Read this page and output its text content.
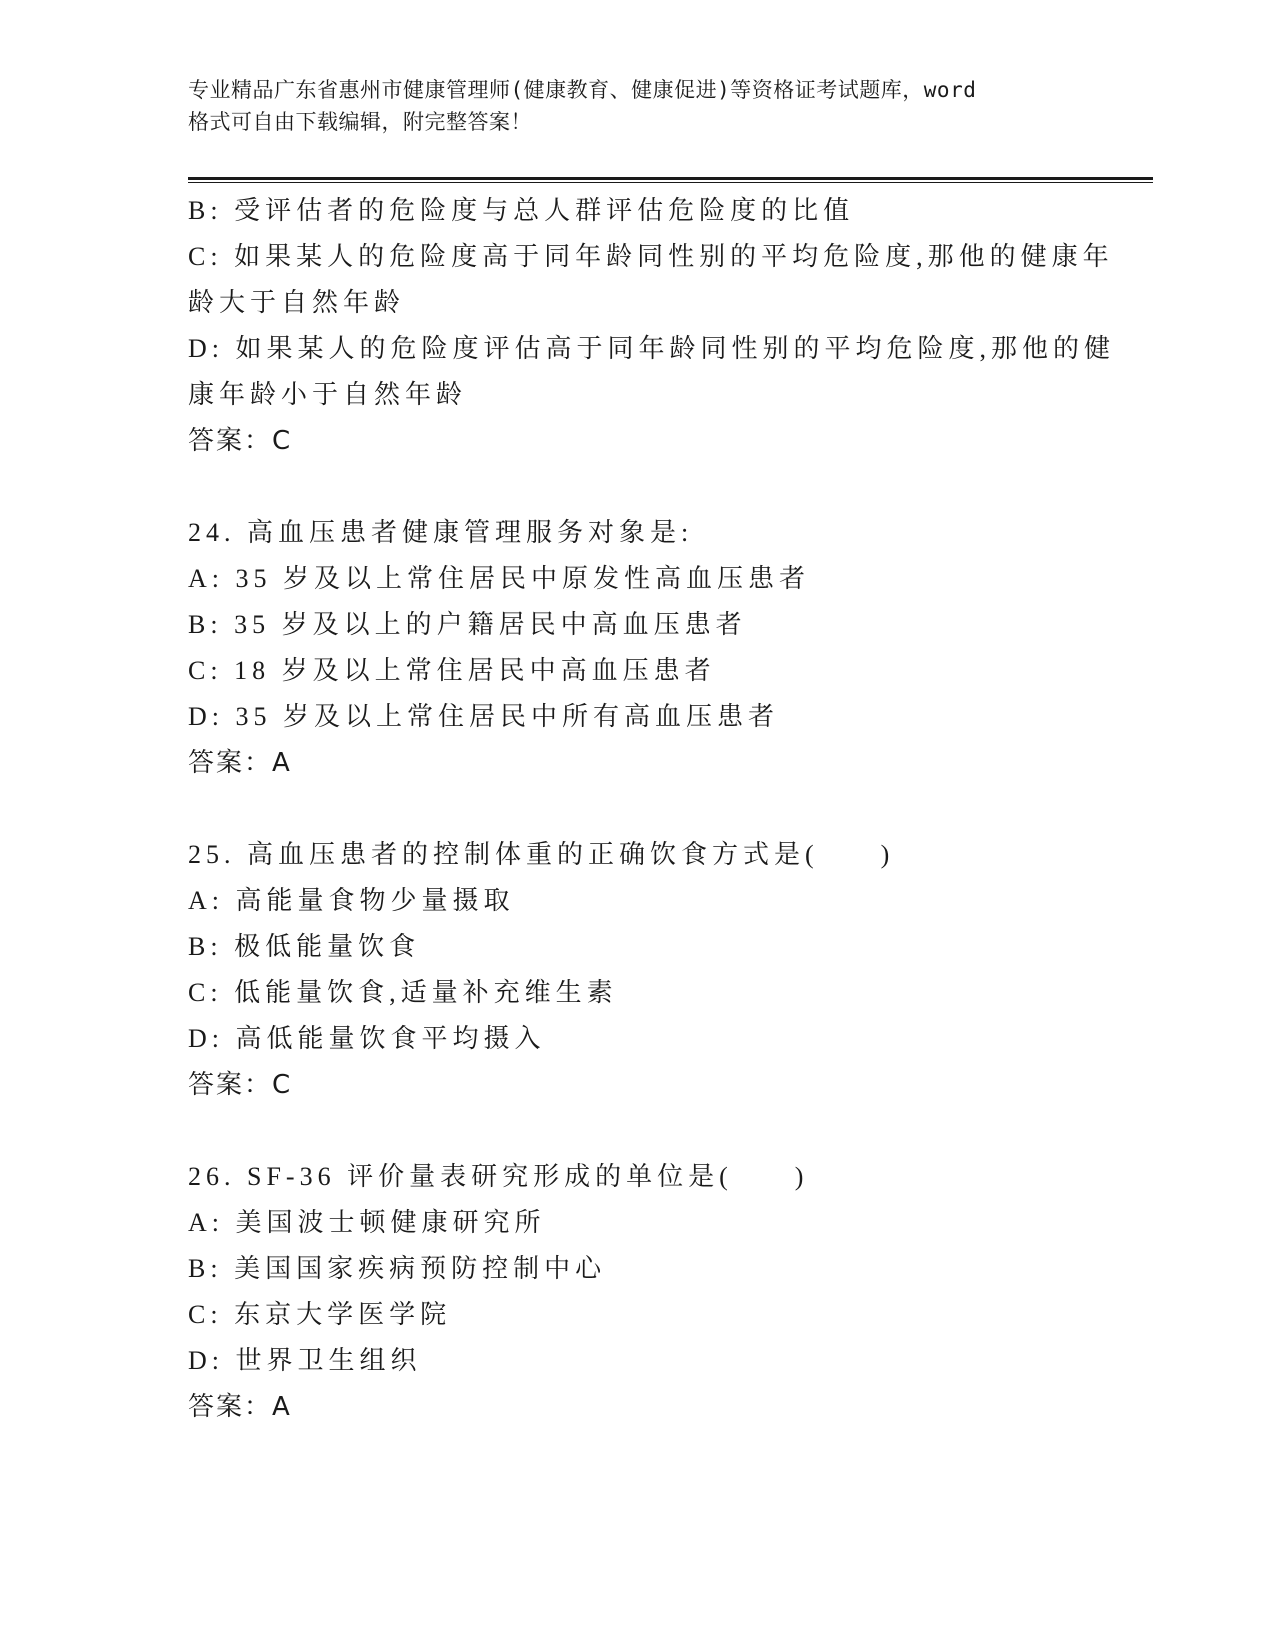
专业精品广东省惠州市健康管理师(健康教育、健康促进)等资格证考试题库，word
格式可自由下载编辑，附完整答案！
B: 受评估者的危险度与总人群评估危险度的比值
C: 如果某人的危险度高于同年龄同性别的平均危险度,那他的健康年
龄大于自然年龄
D: 如果某人的危险度评估高于同年龄同性别的平均危险度,那他的健
康年龄小于自然年龄
答案：C
24. 高血压患者健康管理服务对象是:
A: 35 岁及以上常住居民中原发性高血压患者
B: 35 岁及以上的户籍居民中高血压患者
C: 18 岁及以上常住居民中高血压患者
D: 35 岁及以上常住居民中所有高血压患者
答案：A
25. 高血压患者的控制体重的正确饮食方式是(　　)
A: 高能量食物少量摄取
B: 极低能量饮食
C: 低能量饮食,适量补充维生素
D: 高低能量饮食平均摄入
答案：C
26. SF-36 评价量表研究形成的单位是(　　)
A: 美国波士顿健康研究所
B: 美国国家疾病预防控制中心
C: 东京大学医学院
D: 世界卫生组织
答案：A
